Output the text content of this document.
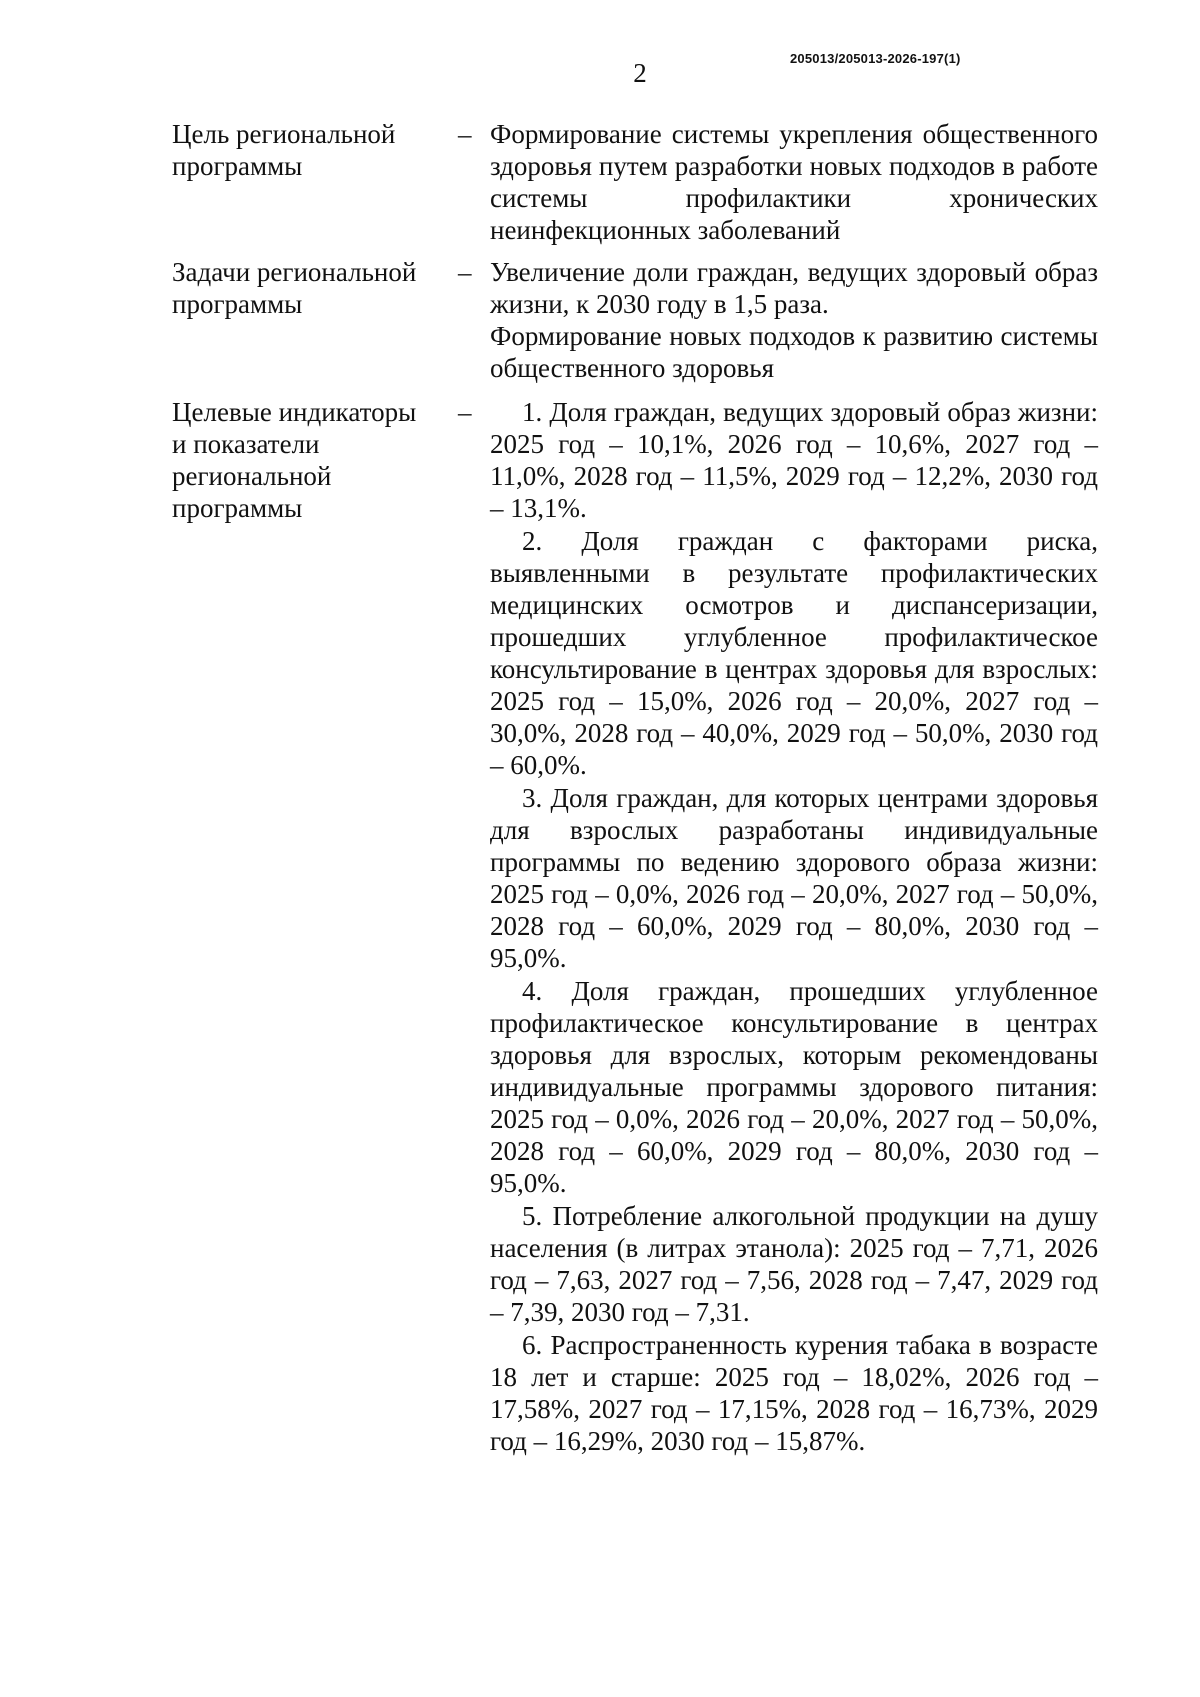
2	205013/205013-2026-197(1)
Цель региональной
программы
– Формирование системы укрепления общественного здоровья путем разработки новых подходов в работе системы профилактики хронических неинфекционных заболеваний

Задачи региональной
программы
– Увеличение доли граждан, ведущих здоровый образ жизни, к 2030 году в 1,5 раза.

Формирование новых подходов к развитию системы общественного здоровья

Целевые индикаторы
и показатели
региональной
программы
–	1. Доля граждан, ведущих здоровый образ жизни: 2025 год – 10,1%, 2026 год – 10,6%, 2027 год – 11,0%, 2028 год – 11,5%, 2029 год – 12,2%, 2030 год – 13,1%.

2. Доля граждан с факторами риска, выявленными в результате профилактических медицинских осмотров и диспансеризации, прошедших углубленное профилактическое консультирование в центрах здоровья для взрослых: 2025 год – 15,0%, 2026 год – 20,0%, 2027 год – 30,0%, 2028 год – 40,0%, 2029 год – 50,0%, 2030 год – 60,0%.

3. Доля граждан, для которых центрами здоровья для взрослых разработаны индивидуальные программы по ведению здорового образа жизни: 2025 год – 0,0%, 2026 год – 20,0%, 2027 год – 50,0%, 2028 год – 60,0%, 2029 год – 80,0%, 2030 год – 95,0%.

4. Доля граждан, прошедших углубленное профилактическое консультирование в центрах здоровья для взрослых, которым рекомендованы индивидуальные программы здорового питания: 2025 год – 0,0%, 2026 год – 20,0%, 2027 год – 50,0%, 2028 год – 60,0%, 2029 год – 80,0%, 2030 год – 95,0%.

5. Потребление алкогольной продукции на душу населения (в литрах этанола): 2025 год – 7,71, 2026 год – 7,63, 2027 год – 7,56, 2028 год – 7,47, 2029 год – 7,39, 2030 год – 7,31.

6. Распространенность курения табака в возрасте 18 лет и старше: 2025 год – 18,02%, 2026 год – 17,58%, 2027 год – 17,15%, 2028 год – 16,73%, 2029 год – 16,29%, 2030 год – 15,87%.
